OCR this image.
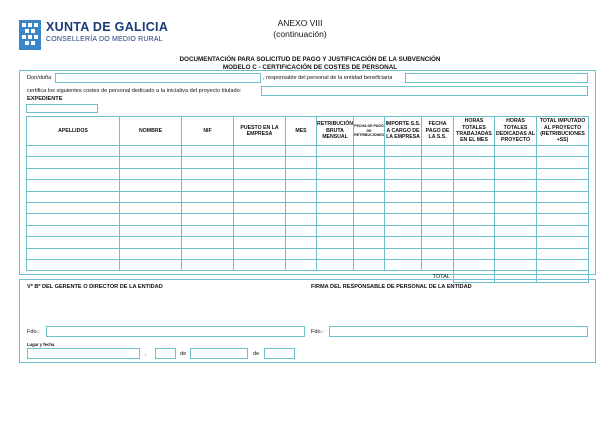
XUNTA DE GALICIA
CONSELLERÍA DO MEDIO RURAL
ANEXO VIII
(continuación)
DOCUMENTACIÓN PARA SOLICITUD DE PAGO Y JUSTIFICACIÓN DE LA SUBVENCIÓN
MODELO C - CERTIFICACIÓN DE COSTES DE PERSONAL
Don/doña	, responsable del personal de la entidad beneficiaria
certifica los siguientes costes de personal dedicado a la iniciativa del proyecto titulado:
EXPEDIENTE
APELLIDOS	NOMBRE	NIF	PUESTO EN LA EMPRESA	MES	RETRIBUCIÓN BRUTA MENSUAL	FECHA DE PAGO DE RETRIBUCIONES	IMPORTE S.S. A CARGO DE LA EMPRESA	FECHA PAGO DE LA S.S.	HORAS TOTALES TRABAJADAS EN EL MES	HORAS TOTALES DEDICADAS AL PROYECTO	TOTAL IMPUTADO AL PROYECTO (RETRIBUCIONES +SS)

TOTAL											
Vº Bº DEL GERENTE O DIRECTOR DE LA ENTIDAD	FIRMA DEL RESPONSABLE DE PERSONAL DE LA ENTIDAD
Fdo.:	Fdo.:
Lugar y fecha
,	de	de
